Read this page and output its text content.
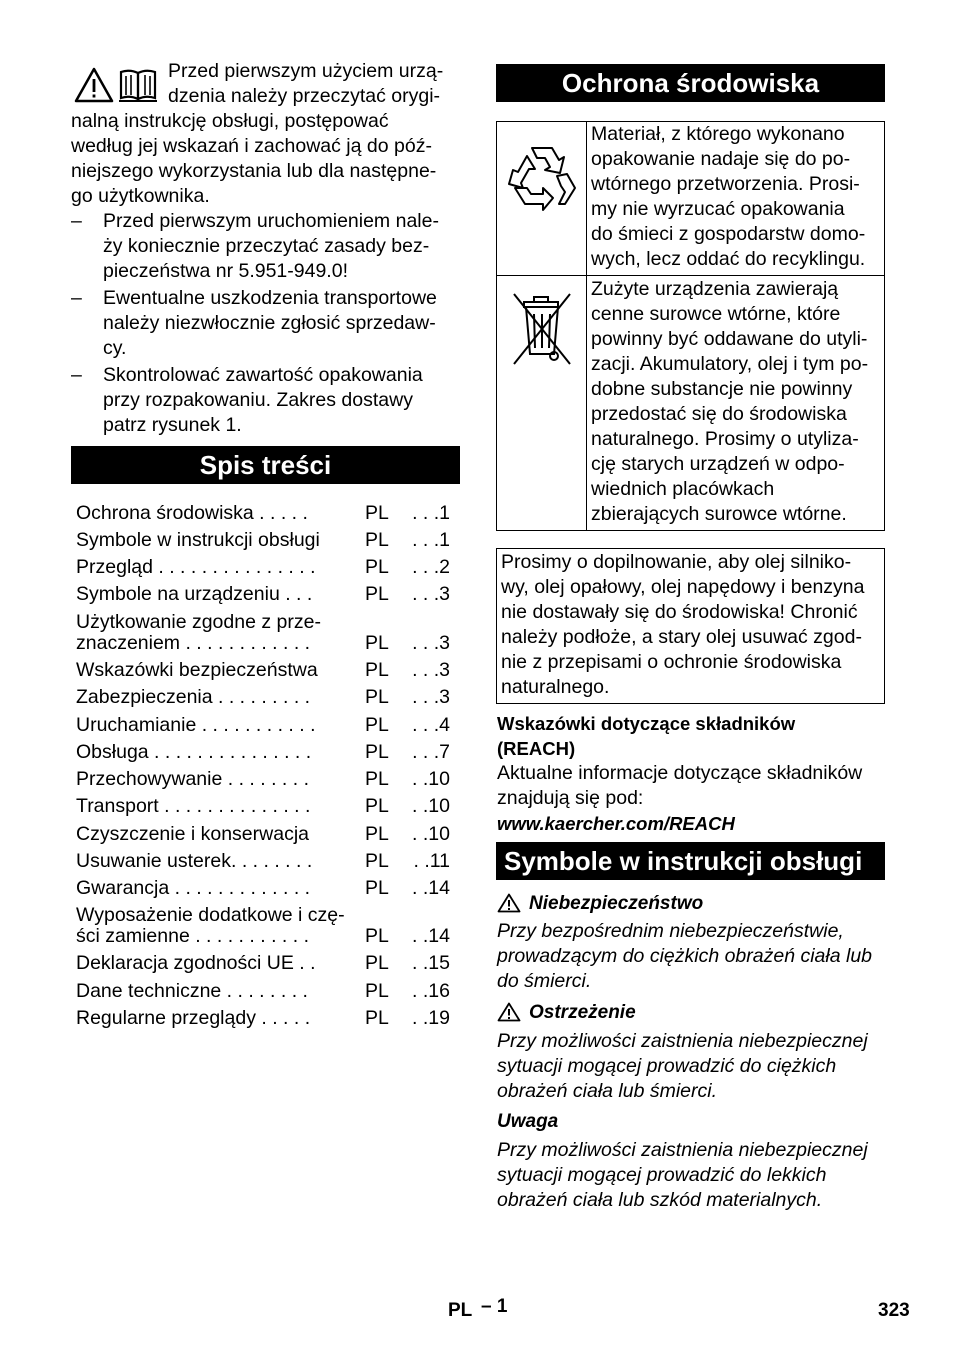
Przed pierwszym użyciem urzą-
dzenia należy przeczytać orygi-
nalną instrukcję obsługi, postępować
według jej wskazań i zachować ją do póź-
niejszego wykorzystania lub dla następne-
go użytkownika.
– Przed pierwszym uruchomieniem nale-
ży koniecznie przeczytać zasady bez-
pieczeństwa nr 5.951-949.0!
– Ewentualne uszkodzenia transportowe
należy niezwłocznie zgłosić sprzedaw-
cy.
– Skontrolować zawartość opakowania
przy rozpakowaniu. Zakres dostawy
patrz rysunek 1.
Spis treści
Ochrona środowiska . . . . .	PL . . .1
Symbole w instrukcji obsługi PL . . .1
Przegląd . . . . . . . . . . . . . . .	PL . . .2
Symbole na urządzeniu . . .	PL . . .3
Użytkowanie zgodne z prze-
znaczeniem . . . . . . . . . . . .	PL . . .3
Wskazówki bezpieczeństwa PL . . .3
Zabezpieczenia . . . . . . . . .	PL . . .3
Uruchamianie . . . . . . . . . . .	PL . . .4
Obsługa . . . . . . . . . . . . . . .	PL . . .7
Przechowywanie . . . . . . . .	PL . .10
Transport . . . . . . . . . . . . . .	PL . .10
Czyszczenie i konserwacja	PL . .10
Usuwanie usterek. . . . . . . .	PL . .11
Gwarancja . . . . . . . . . . . . .	PL . .14
Wyposażenie dodatkowe i czę-
ści zamienne . . . . . . . . . . .	PL . .14
Deklaracja zgodności UE . .	PL . .15
Dane techniczne . . . . . . . .	PL . .16
Regularne przeglądy . . . . .	PL . .19
Ochrona środowiska
Materiał, z którego wykonano
opakowanie nadaje się do po-
wtórnego przetworzenia. Prosi-
my nie wyrzucać opakowania
do śmieci z gospodarstw domo-
wych, lecz oddać do recyklingu.
Zużyte urządzenia zawierają
cenne surowce wtórne, które
powinny być oddawane do utyli-
zacji. Akumulatory, olej i tym po-
dobne substancje nie powinny
przedostać się do środowiska
naturalnego. Prosimy o utyliza-
cję starych urządzeń w odpo-
wiednich placówkach
zbierających surowce wtórne.
Prosimy o dopilnowanie, aby olej silniko-
wy, olej opałowy, olej napędowy i benzyna
nie dostawały się do środowiska! Chronić
należy podłoże, a stary olej usuwać zgod-
nie z przepisami o ochronie środowiska
naturalnego.
Wskazówki dotyczące składników
(REACH)
Aktualne informacje dotyczące składników
znajdują się pod:
www.kaercher.com/REACH
Symbole w instrukcji obsługi
Niebezpieczeństwo
Przy bezpośrednim niebezpieczeństwie,
prowadzącym do ciężkich obrażeń ciała lub
do śmierci.
Ostrzeżenie
Przy możliwości zaistnienia niebezpiecznej
sytuacji mogącej prowadzić do ciężkich
obrażeń ciała lub śmierci.
Uwaga
Przy możliwości zaistnienia niebezpiecznej
sytuacji mogącej prowadzić do lekkich
obrażeń ciała lub szkód materialnych.
PL – 1	323
